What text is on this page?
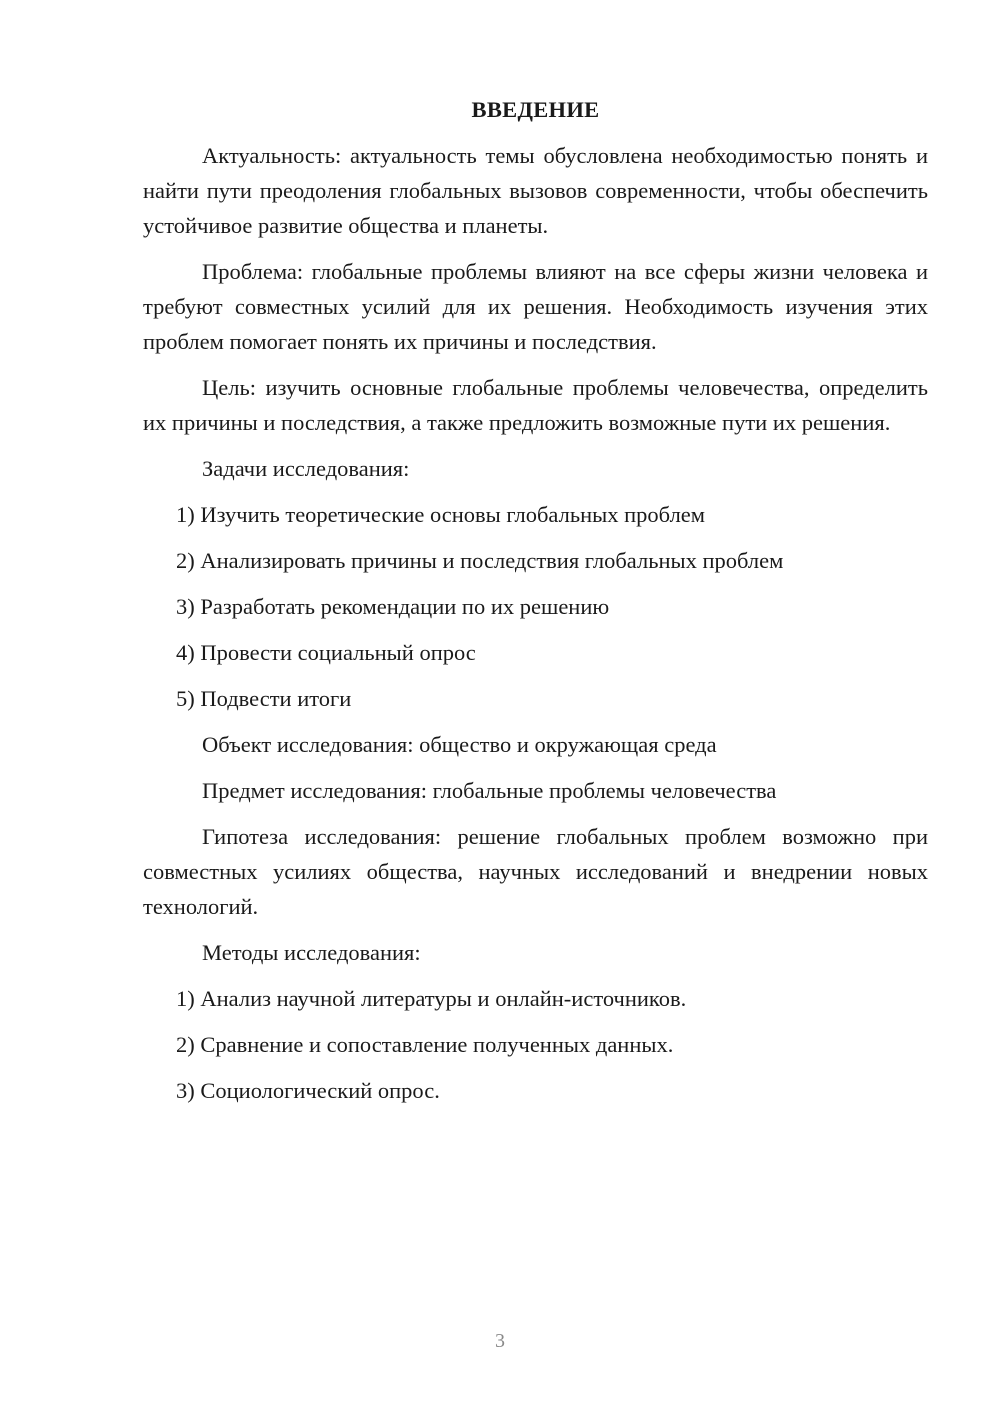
ВВЕДЕНИЕ

Актуальность: актуальность темы обусловлена необходимостью понять и найти пути преодоления глобальных вызовов современности, чтобы обеспечить устойчивое развитие общества и планеты.

Проблема: глобальные проблемы влияют на все сферы жизни человека и требуют совместных усилий для их решения. Необходимость изучения этих проблем помогает понять их причины и последствия.

Цель: изучить основные глобальные проблемы человечества, определить их причины и последствия, а также предложить возможные пути их решения.

Задачи исследования:

1) Изучить теоретические основы глобальных проблем

2) Анализировать причины и последствия глобальных проблем

3) Разработать рекомендации по их решению

4) Провести социальный опрос

5) Подвести итоги

Объект исследования: общество и окружающая среда

Предмет исследования: глобальные проблемы человечества

Гипотеза исследования: решение глобальных проблем возможно при совместных усилиях общества, научных исследований и внедрении новых технологий.

Методы исследования:

1) Анализ научной литературы и онлайн-источников.

2) Сравнение и сопоставление полученных данных.

3) Социологический опрос.

3
